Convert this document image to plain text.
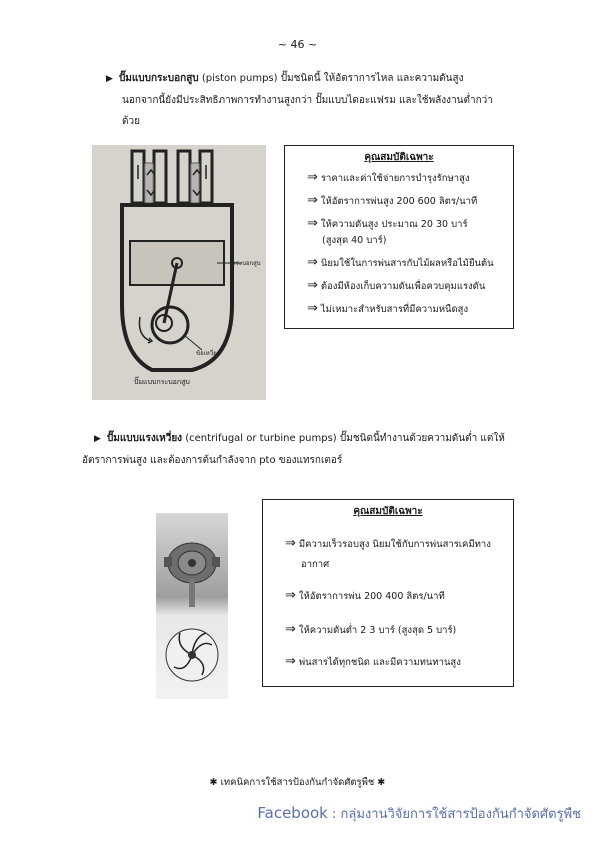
~ 46 ~
▶ ปั๊มแบบกระบอกสูบ (piston pumps) ปั๊มชนิดนี้ ให้อัตราการไหล และความดันสูง
นอกจากนี้ยังมีประสิทธิภาพการทำงานสูงกว่า ปั๊มแบบไดอะแฟรม และใช้พลังงานต่ำกว่า
ด้วย
กระบอกสูบ
ข้อเหวี่ยง
ปั๊มแบบกระบอกสูบ
คุณสมบัติเฉพาะ
⇒ ราคาและค่าใช้จ่ายการบำรุงรักษาสูง
⇒ ให้อัตราการพ่นสูง 200 600 ลิตร/นาที
⇒ ให้ความดันสูง ประมาณ 20 30 บาร์
(สูงสุด 40 บาร์)
⇒ นิยมใช้ในการพ่นสารกับไม้ผลหรือไม้ยืนต้น
⇒ ต้องมีห้องเก็บความดันเพื่อควบคุมแรงดัน
⇒ ไม่เหมาะสำหรับสารที่มีความหนืดสูง
▶ ปั๊มแบบแรงเหวี่ยง (centrifugal or turbine pumps) ปั๊มชนิดนี้ทำงานด้วยความดันต่ำ แต่ให้
อัตราการพ่นสูง และต้องการต้นกำลังจาก pto ของแทรกเตอร์
คุณสมบัติเฉพาะ
⇒ มีความเร็วรอบสูง นิยมใช้กับการพ่นสารเคมีทาง
อากาศ
⇒ ให้อัตราการพ่น 200 400 ลิตร/นาที
⇒ ให้ความดันต่ำ 2 3 บาร์ (สูงสุด 5 บาร์)
⇒ พ่นสารได้ทุกชนิด และมีความทนทานสูง
✱ เทคนิคการใช้สารป้องกันกำจัดศัตรูพืช ✱
Facebook : กลุ่มงานวิจัยการใช้สารป้องกันกำจัดศัตรูพืช
